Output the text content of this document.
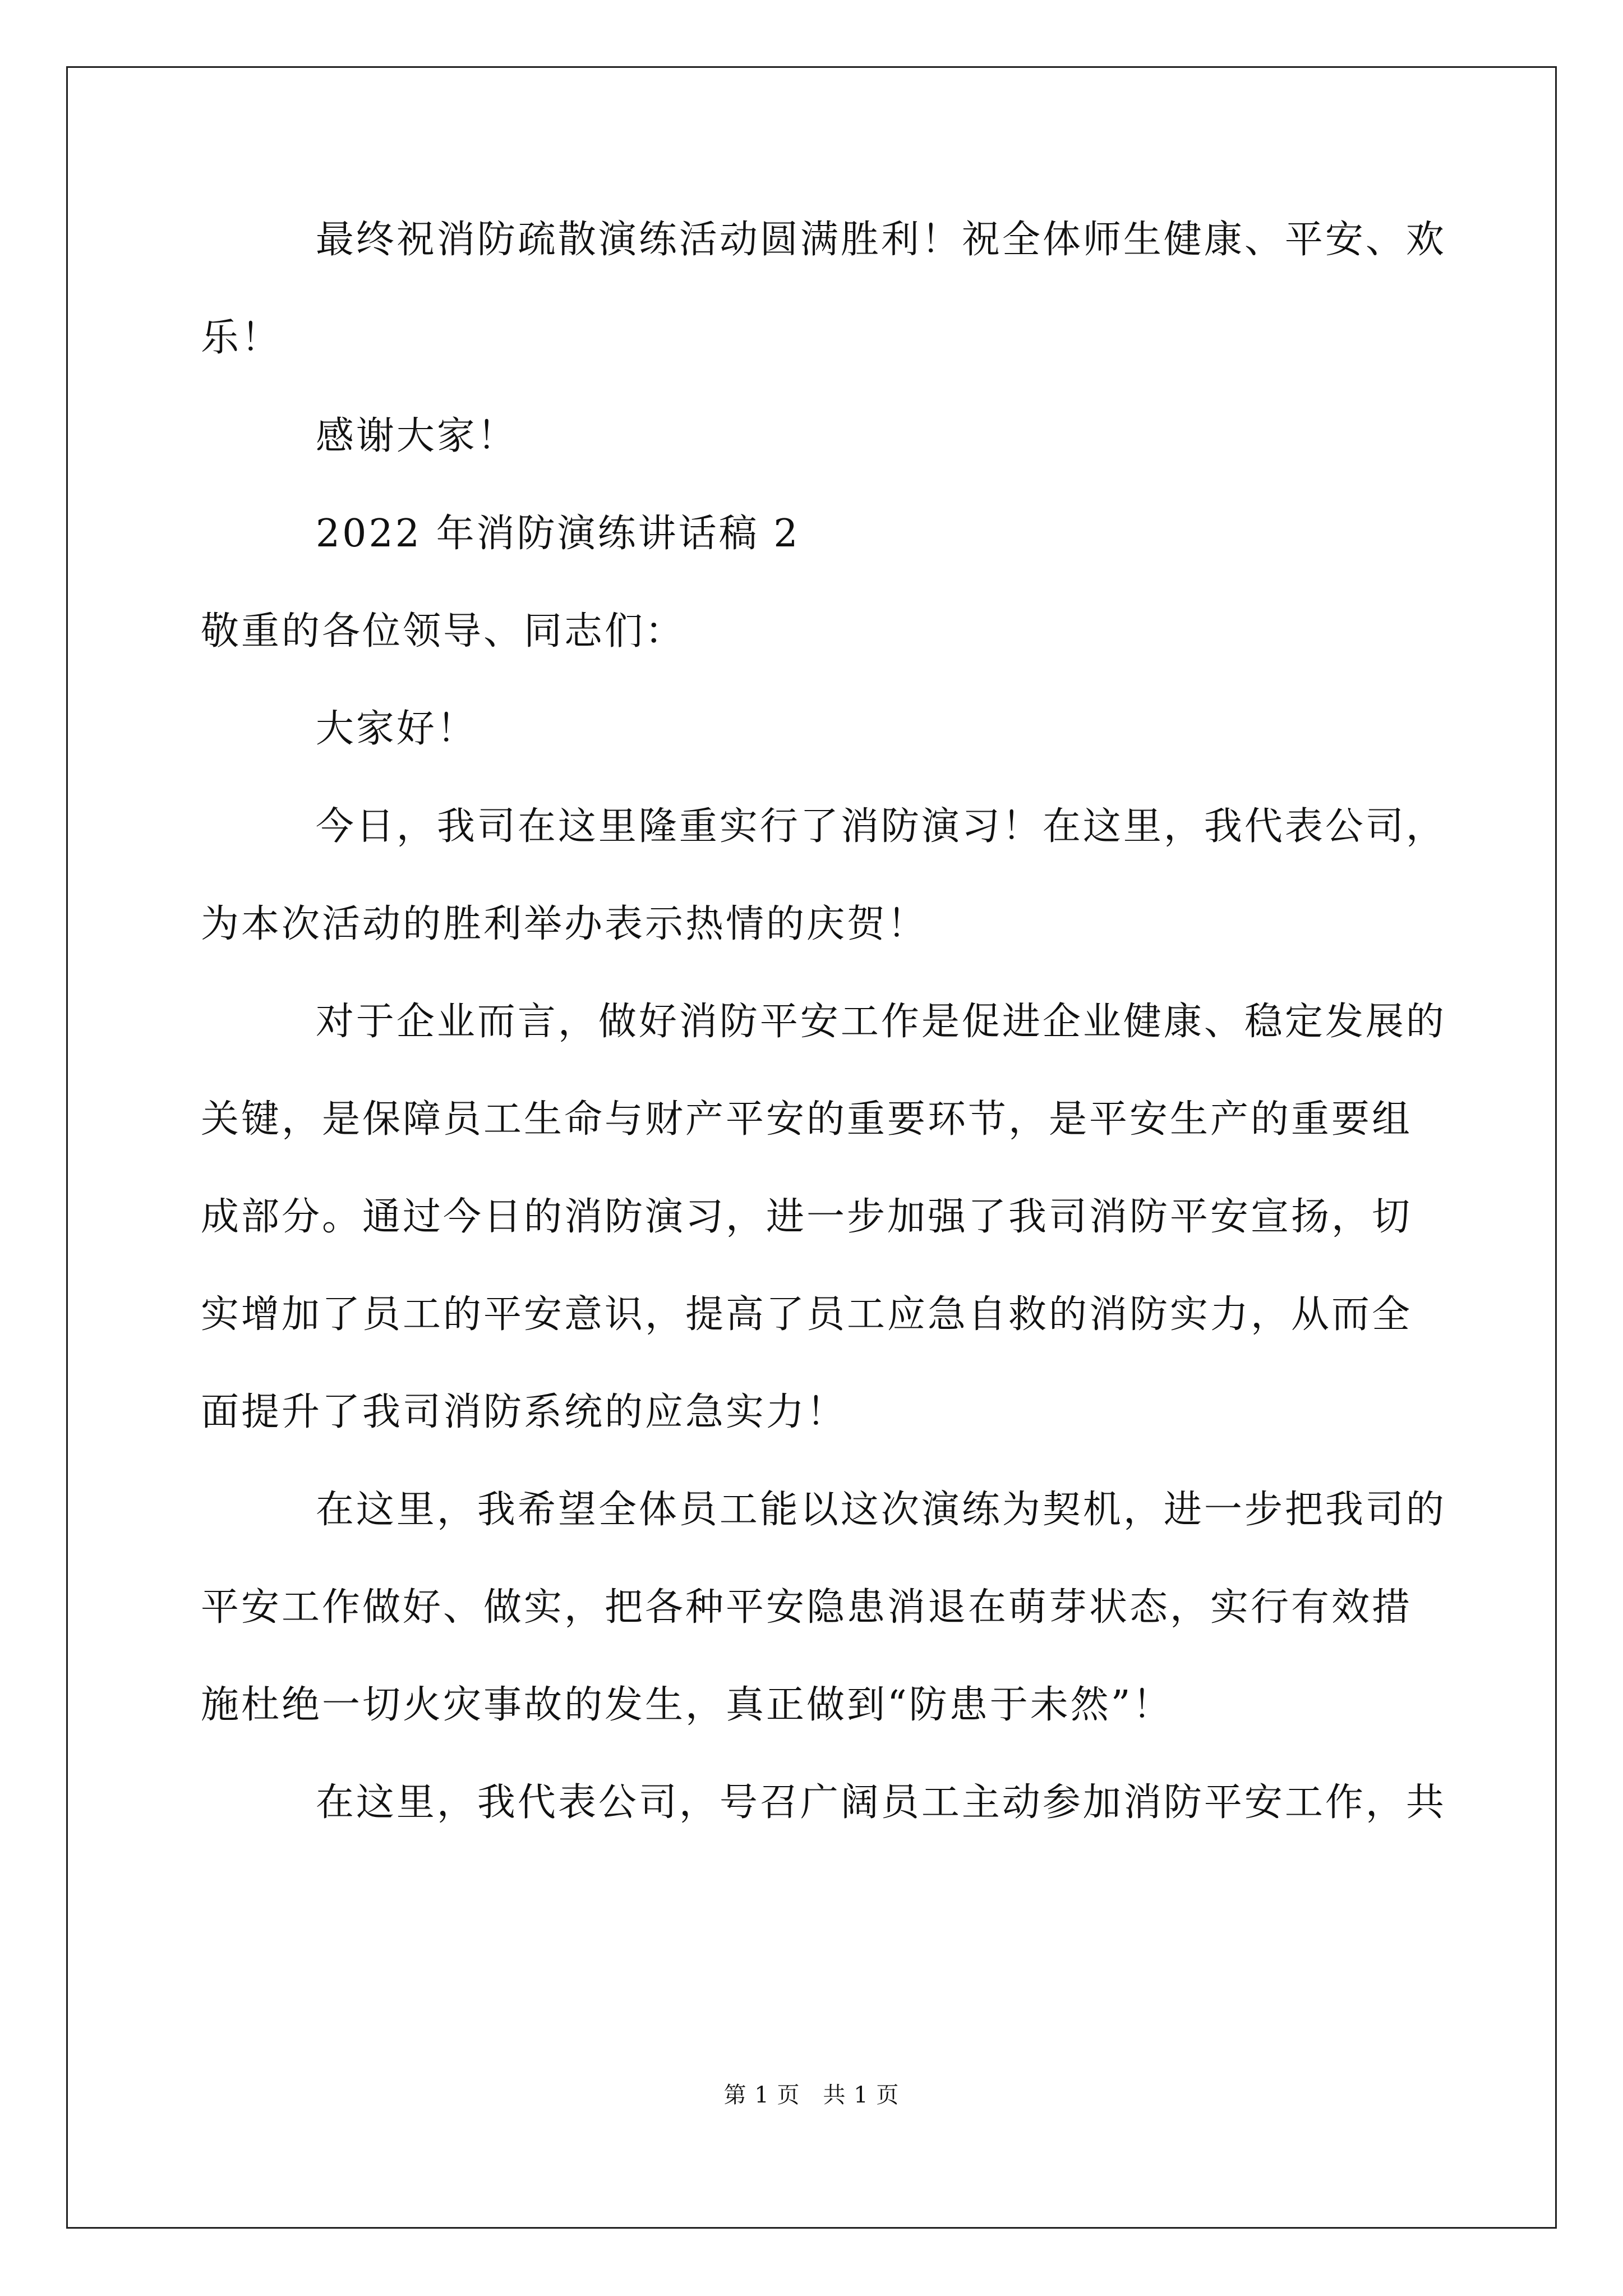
最终祝消防疏散演练活动圆满胜利！祝全体师生健康、平安、欢
乐！
感谢大家！
2022 年消防演练讲话稿 2
敬重的各位领导、同志们：
大家好！
今日，我司在这里隆重实行了消防演习！在这里，我代表公司，
为本次活动的胜利举办表示热情的庆贺！
对于企业而言，做好消防平安工作是促进企业健康、稳定发展的
关键，是保障员工生命与财产平安的重要环节，是平安生产的重要组
成部分。通过今日的消防演习，进一步加强了我司消防平安宣扬，切
实增加了员工的平安意识，提高了员工应急自救的消防实力，从而全
面提升了我司消防系统的应急实力！
在这里，我希望全体员工能以这次演练为契机，进一步把我司的
平安工作做好、做实，把各种平安隐患消退在萌芽状态，实行有效措
施杜绝一切火灾事故的发生，真正做到“防患于未然”！
在这里，我代表公司，号召广阔员工主动参加消防平安工作，共
第 1 页　共 1 页
